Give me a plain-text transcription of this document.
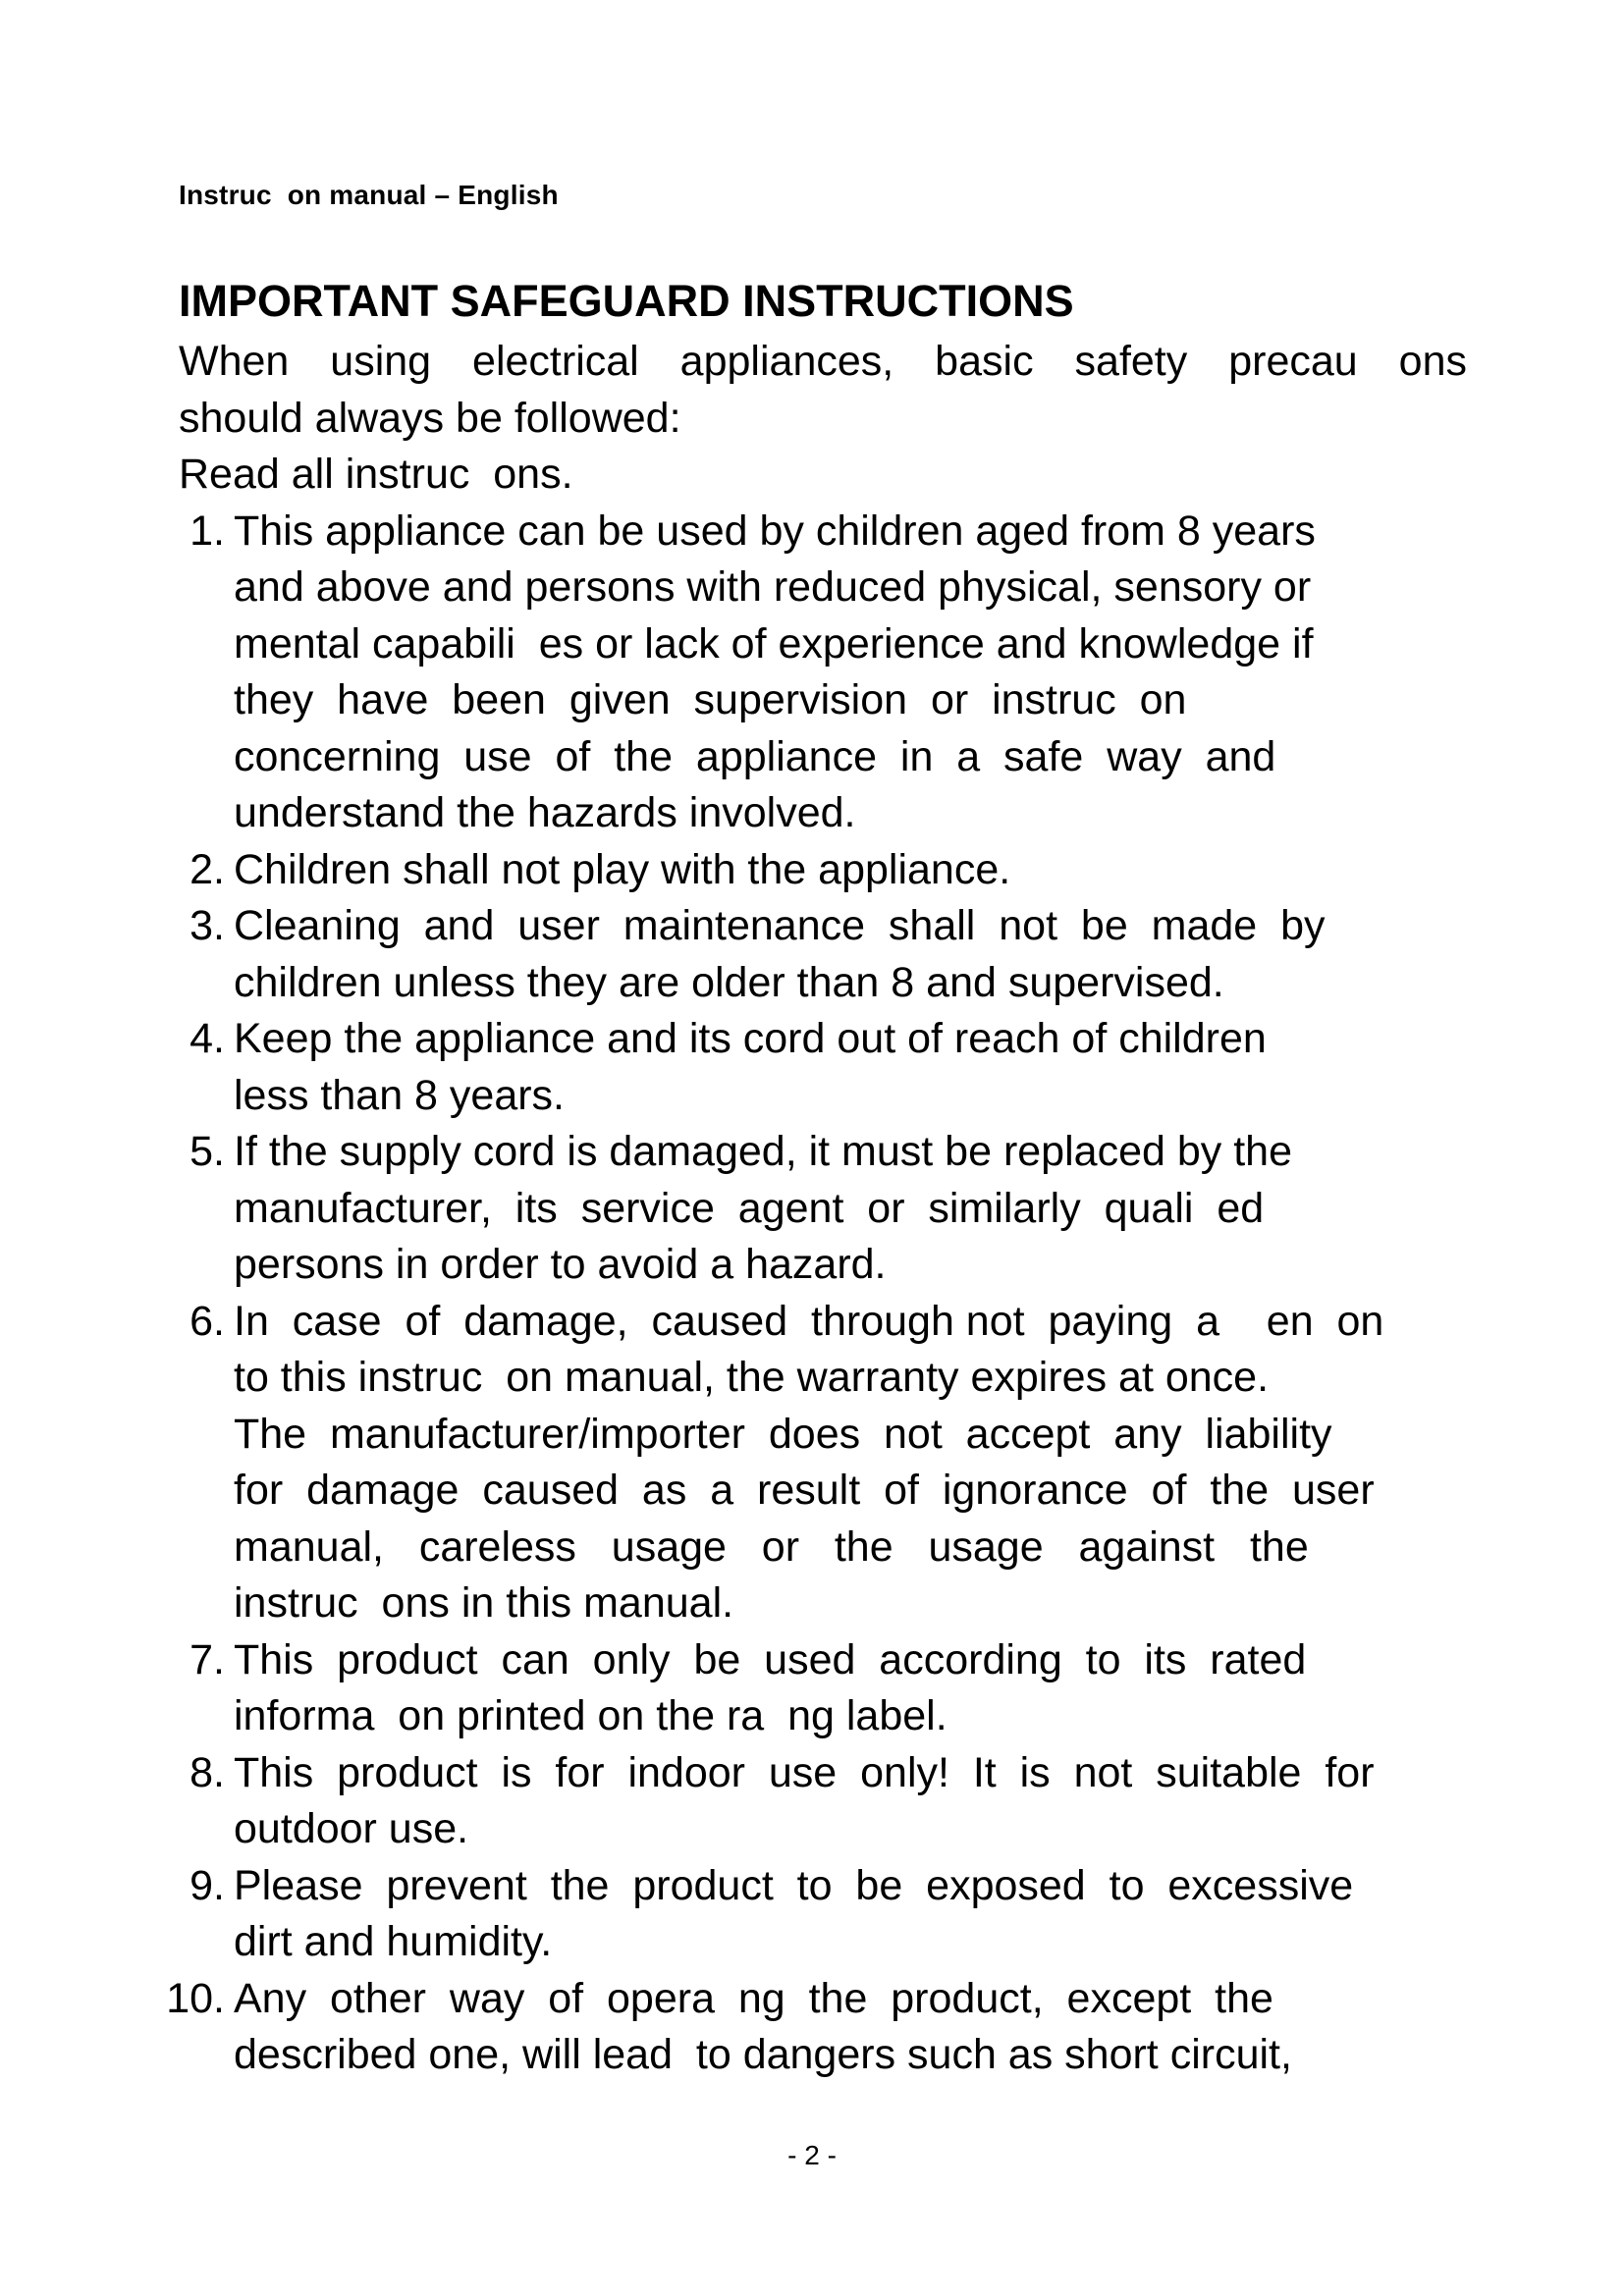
Instruc  on manual – English
IMPORTANT SAFEGUARD INSTRUCTIONS

When  using  electrical  appliances,  basic  safety  precau  ons

should always be followed:

Read all instruc  ons.

1. This appliance can be used by children aged from 8 years
and above and persons with reduced physical, sensory or
mental capabili  es or lack of experience and knowledge if
they  have  been  given  supervision  or  instruc  on
concerning  use  of  the  appliance  in  a  safe  way  and
understand the hazards involved.
2. Children shall not play with the appliance.
3. Cleaning  and  user  maintenance  shall  not  be  made  by
children unless they are older than 8 and supervised.
4. Keep the appliance and its cord out of reach of children
less than 8 years.
5. If the supply cord is damaged, it must be replaced by the
manufacturer,  its  service  agent  or  similarly  quali  ed
persons in order to avoid a hazard.
6. In  case  of  damage,  caused  through not  paying  a    en  on
to this instruc  on manual, the warranty expires at once.
The  manufacturer/importer  does  not  accept  any  liability
for  damage  caused  as  a  result  of  ignorance  of  the  user
manual,   careless   usage   or   the   usage   against   the
instruc  ons in this manual.
7. This  product  can  only  be  used  according  to  its  rated
informa  on printed on the ra  ng label.
8. This  product  is  for  indoor  use  only!  It  is  not  suitable  for
outdoor use.
9. Please  prevent  the  product  to  be  exposed  to  excessive
dirt and humidity.
10. Any  other  way  of  opera  ng  the  product,  except  the
described one, will lead  to dangers such as short circuit,
- 2 -
